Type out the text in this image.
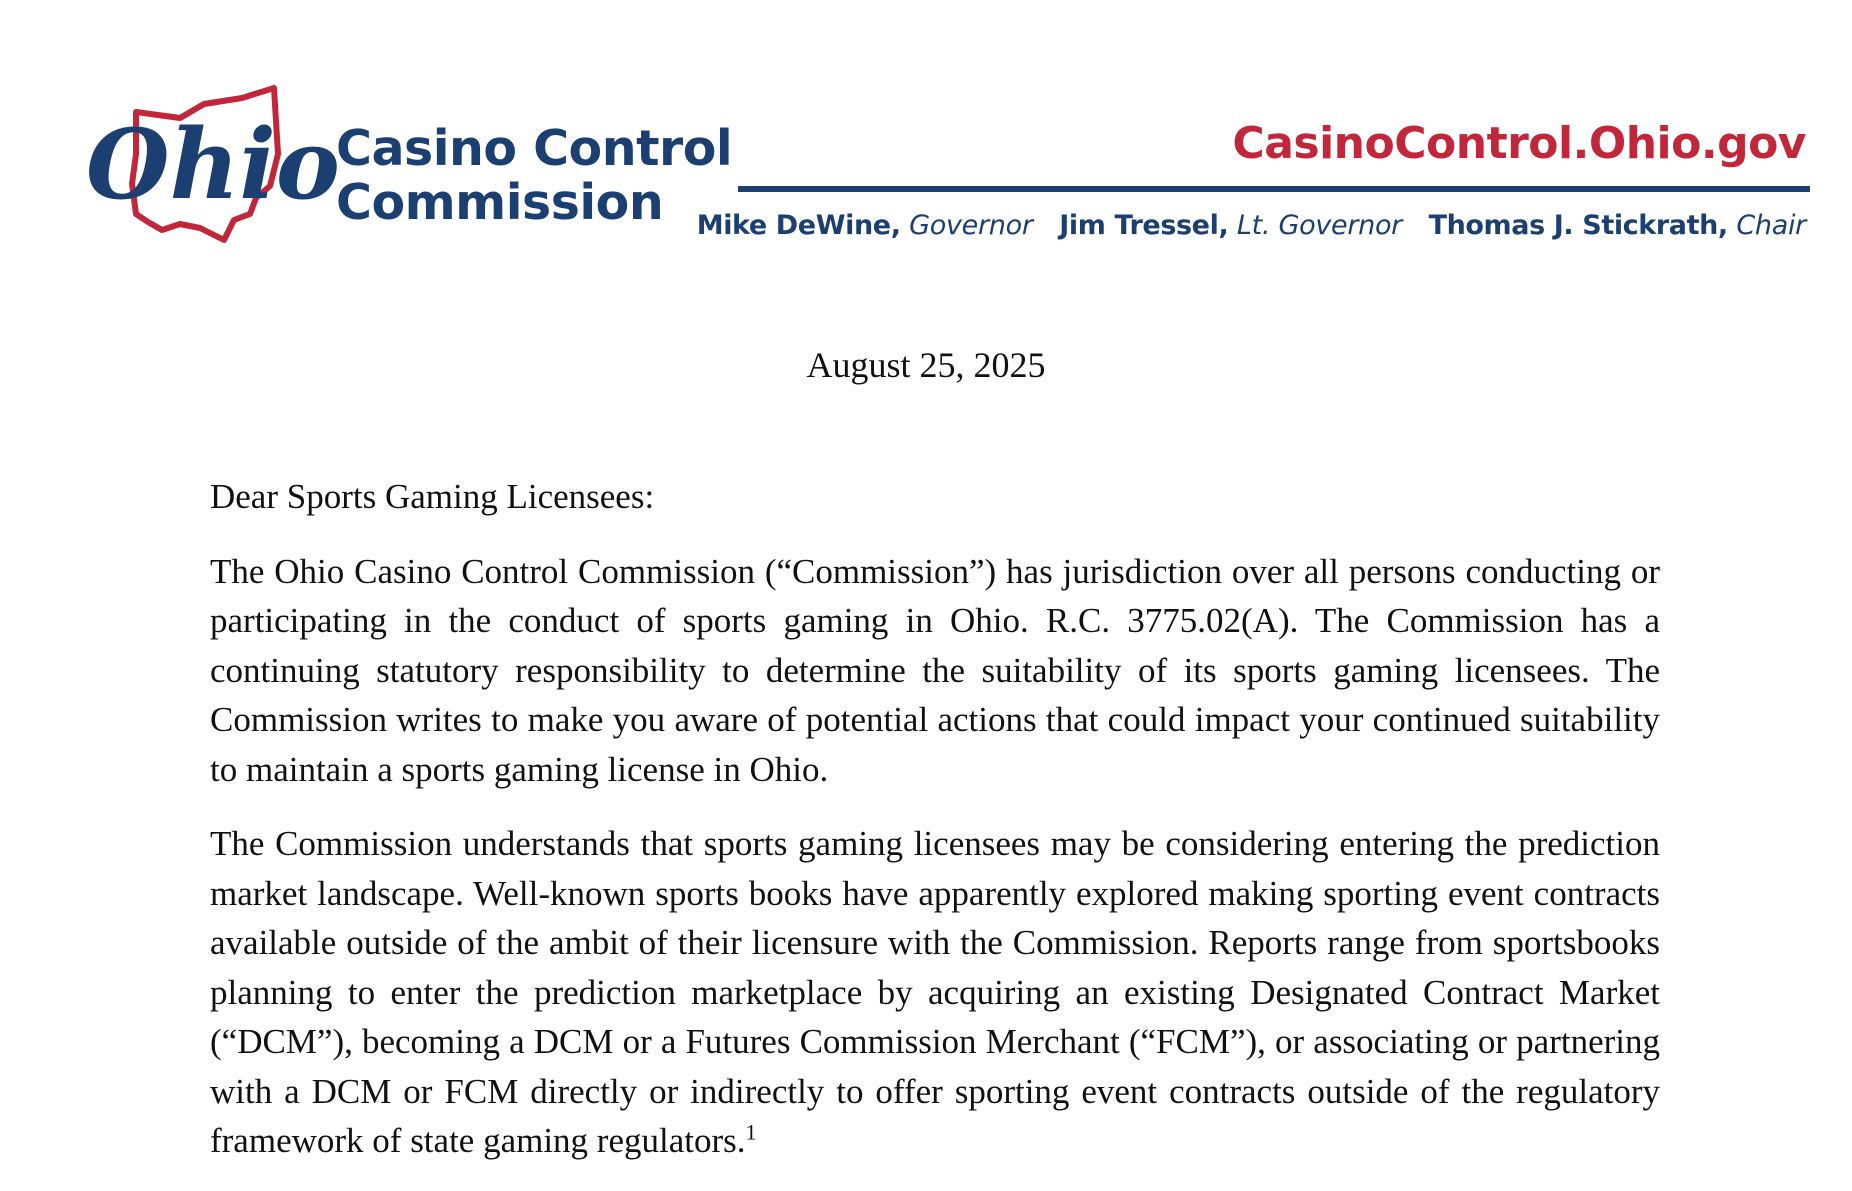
Ohio
Casino Control
Commission
CasinoControl.Ohio.gov
Mike DeWine, Governor Jim Tressel, Lt. Governor Thomas J. Stickrath, Chair
August 25, 2025

Dear Sports Gaming Licensees:

The Ohio Casino Control Commission (“Commission”) has jurisdiction over all persons conducting or participating in the conduct of sports gaming in Ohio. R.C. 3775.02(A). The Commission has a continuing statutory responsibility to determine the suitability of its sports gaming licensees. The Commission writes to make you aware of potential actions that could impact your continued suitability to maintain a sports gaming license in Ohio.

The Commission understands that sports gaming licensees may be considering entering the prediction market landscape. Well-known sports books have apparently explored making sporting event contracts available outside of the ambit of their licensure with the Commission. Reports range from sportsbooks planning to enter the prediction marketplace by acquiring an existing Designated Contract Market (“DCM”), becoming a DCM or a Futures Commission Merchant (“FCM”), or associating or partnering with a DCM or FCM directly or indirectly to offer sporting event contracts outside of the regulatory framework of state gaming regulators.$^1$
